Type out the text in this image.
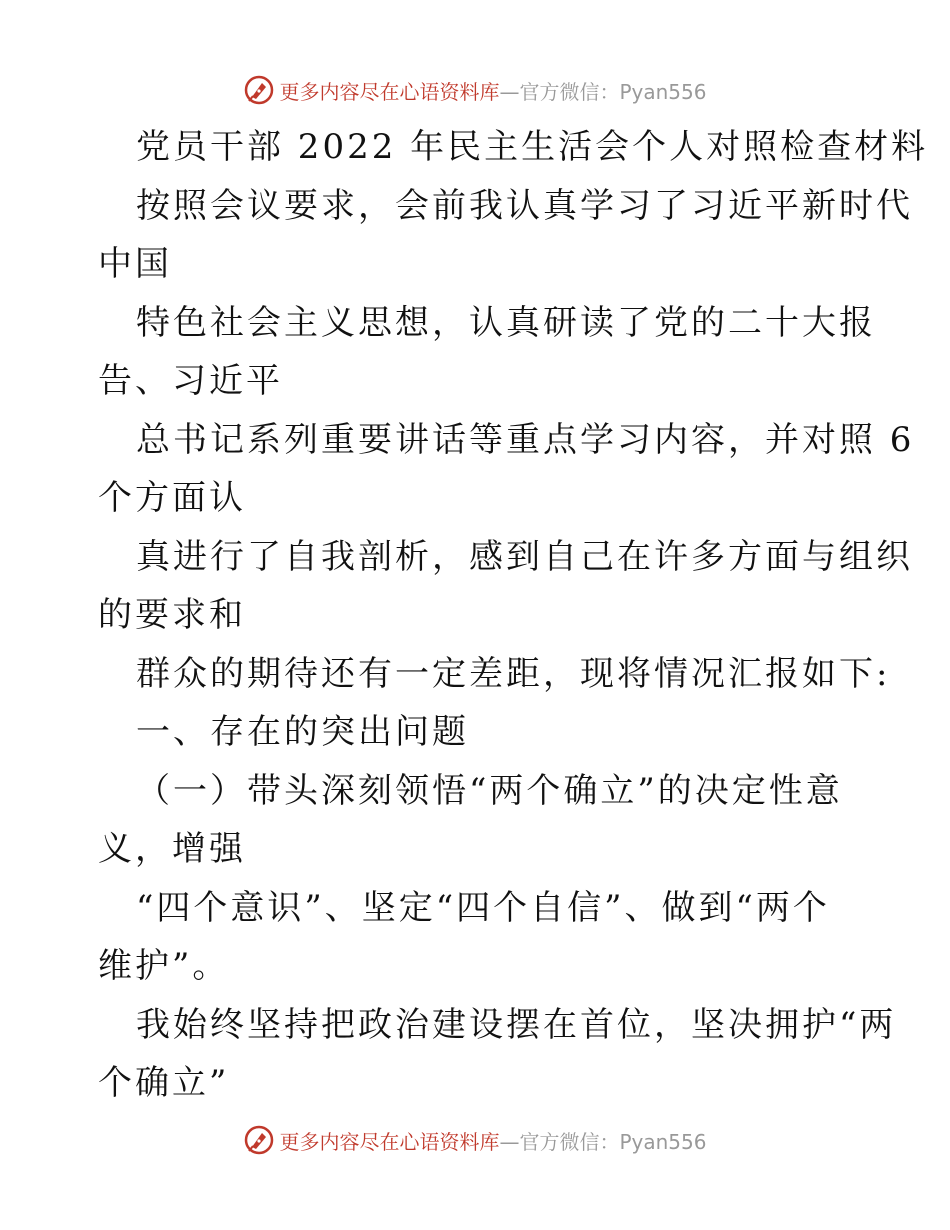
更多内容尽在心语资料库—官方微信：Pyan556
党员干部 2022 年民主生活会个人对照检查材料
按照会议要求，会前我认真学习了习近平新时代
中国
特色社会主义思想，认真研读了党的二十大报
告、习近平
总书记系列重要讲话等重点学习内容，并对照 6
个方面认
真进行了自我剖析，感到自己在许多方面与组织
的要求和
群众的期待还有一定差距，现将情况汇报如下:
一、存在的突出问题
（一）带头深刻领悟“两个确立”的决定性意
义，增强
“四个意识”、坚定“四个自信”、做到“两个
维护”。
我始终坚持把政治建设摆在首位，坚决拥护“两
个确立”
更多内容尽在心语资料库—官方微信：Pyan556
